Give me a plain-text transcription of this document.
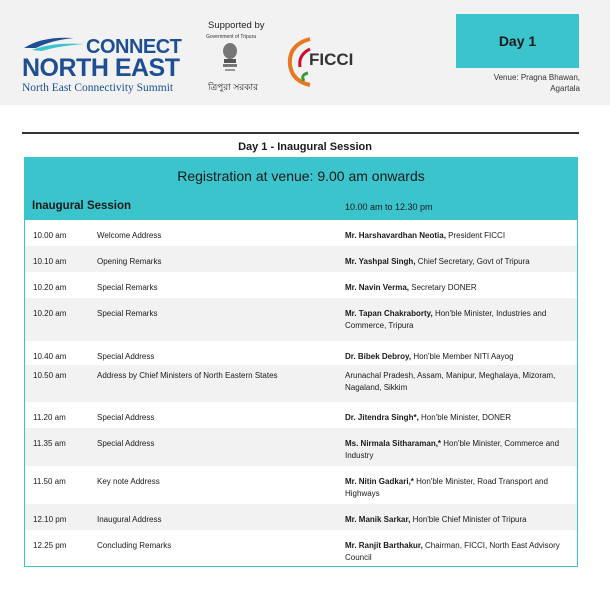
CONNECT
NORTH EAST
North East Connectivity Summit
Supported by
Government of Tripura
ত্রিপুরা সরকার
FICCI
Day 1
Venue: Pragna Bhawan,
Agartala
Day 1 - Inaugural Session
Registration at venue: 9.00 am onwards
Inaugural Session	10.00 am to 12.30 pm
10.00 am	Welcome Address	Mr. Harshavardhan Neotia, President FICCI
10.10 am	Opening Remarks	Mr. Yashpal Singh, Chief Secretary, Govt of Tripura
10.20 am	Special Remarks	Mr. Navin Verma, Secretary DONER
10.20 am	Special Remarks	Mr. Tapan Chakraborty, Hon'ble Minister, Industries and Commerce, Tripura
10.40 am	Special Address	Dr. Bibek Debroy, Hon'ble Member NITI Aayog
10.50 am	Address by Chief Ministers of North Eastern States	Arunachal Pradesh, Assam, Manipur, Meghalaya, Mizoram, Nagaland, Sikkim
11.20 am	Special Address	Dr. Jitendra Singh*, Hon'ble Minister, DONER
11.35 am	Special Address	Ms. Nirmala Sitharaman,* Hon'ble Minister, Commerce and Industry
11.50 am	Key note Address	Mr. Nitin Gadkari,* Hon'ble Minister, Road Transport and Highways
12.10 pm	Inaugural Address	Mr. Manik Sarkar, Hon'ble Chief Minister of Tripura
12.25 pm	Concluding Remarks	Mr. Ranjit Barthakur, Chairman, FICCI, North East Advisory Council
